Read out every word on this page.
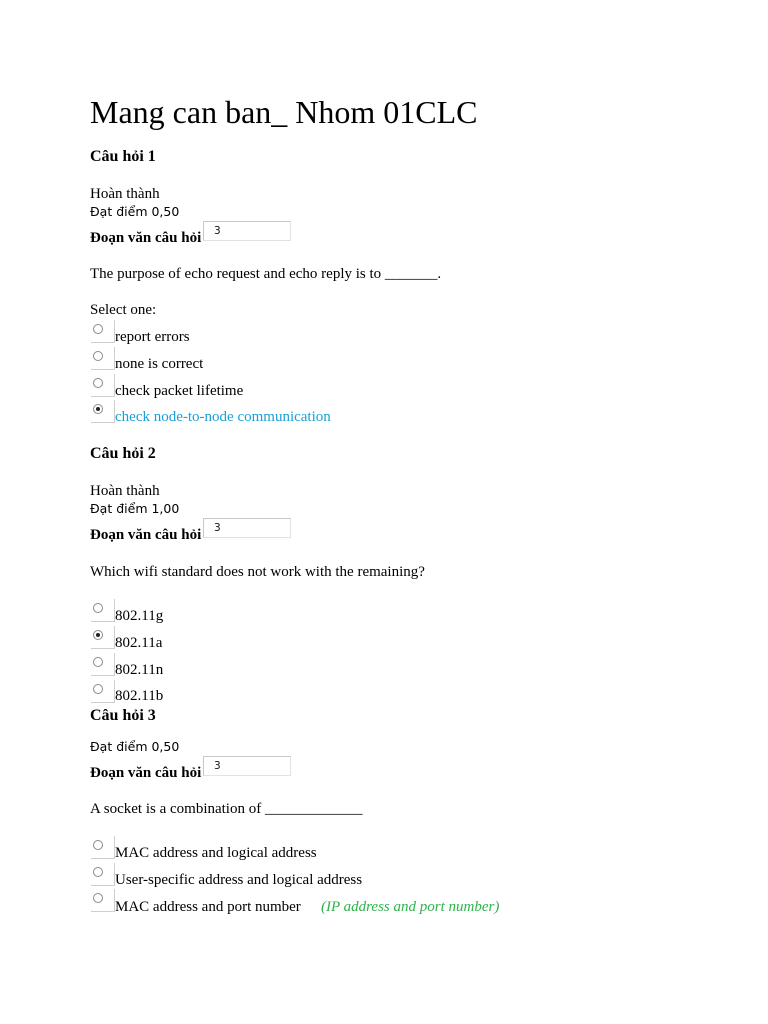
Mang can ban_ Nhom 01CLC
Câu hỏi 1
Hoàn thành
Đạt điểm 0,50
Đoạn văn câu hỏi	3
The purpose of echo request and echo reply is to _______.
Select one:
report errors
none is correct
check packet lifetime
check node-to-node communication
Câu hỏi 2
Hoàn thành
Đạt điểm 1,00
Đoạn văn câu hỏi	3
Which wifi standard does not work with the remaining?
802.11g
802.11a
802.11n
802.11b
Câu hỏi 3
Đạt điểm 0,50
Đoạn văn câu hỏi	3
A socket is a combination of _____________
MAC address and logical address
User-specific address and logical address
MAC address and port number (IP address and port number)
